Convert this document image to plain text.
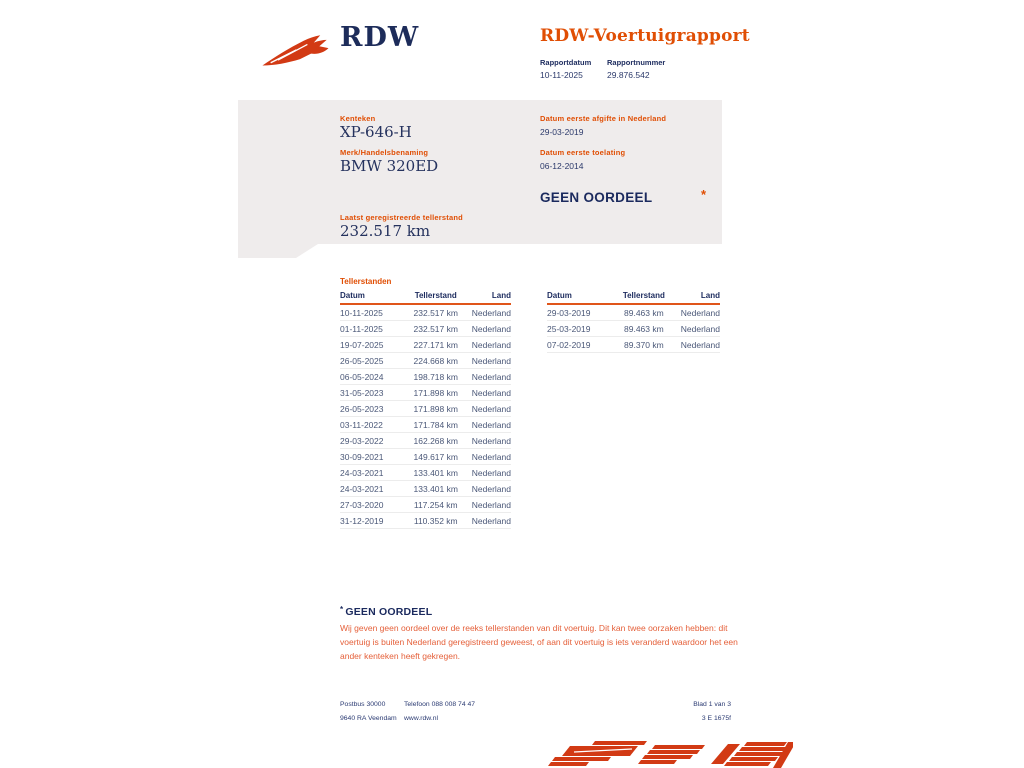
RDW	RDW-Voertuigrapport
Rapportdatum
10-11-2025
Rapportnummer
29.876.542
Kenteken
XP-646-H
Merk/Handelsbenaming
BMW 320ED
Laatst geregistreerde tellerstand
232.517 km
Datum eerste afgifte in Nederland
29-03-2019
Datum eerste toelating
06-12-2014
GEEN OORDEEL	*
Tellerstanden
Datum	Tellerstand	Land
10-11-2025	232.517 km	Nederland
01-11-2025	232.517 km	Nederland
19-07-2025	227.171 km	Nederland
26-05-2025	224.668 km	Nederland
06-05-2024	198.718 km	Nederland
31-05-2023	171.898 km	Nederland
26-05-2023	171.898 km	Nederland
03-11-2022	171.784 km	Nederland
29-03-2022	162.268 km	Nederland
30-09-2021	149.617 km	Nederland
24-03-2021	133.401 km	Nederland
24-03-2021	133.401 km	Nederland
27-03-2020	117.254 km	Nederland
31-12-2019	110.352 km	Nederland
Datum	Tellerstand	Land
29-03-2019	89.463 km	Nederland
25-03-2019	89.463 km	Nederland
07-02-2019	89.370 km	Nederland
* GEEN OORDEEL
Wij geven geen oordeel over de reeks tellerstanden van dit voertuig. Dit kan twee oorzaken hebben: dit voertuig is buiten Nederland geregistreerd geweest, of aan dit voertuig is iets veranderd waardoor het een ander kenteken heeft gekregen.
Postbus 30000
9640 RA Veendam
Telefoon 088 008 74 47
www.rdw.nl
Blad 1 van 3
3 E 1675f
